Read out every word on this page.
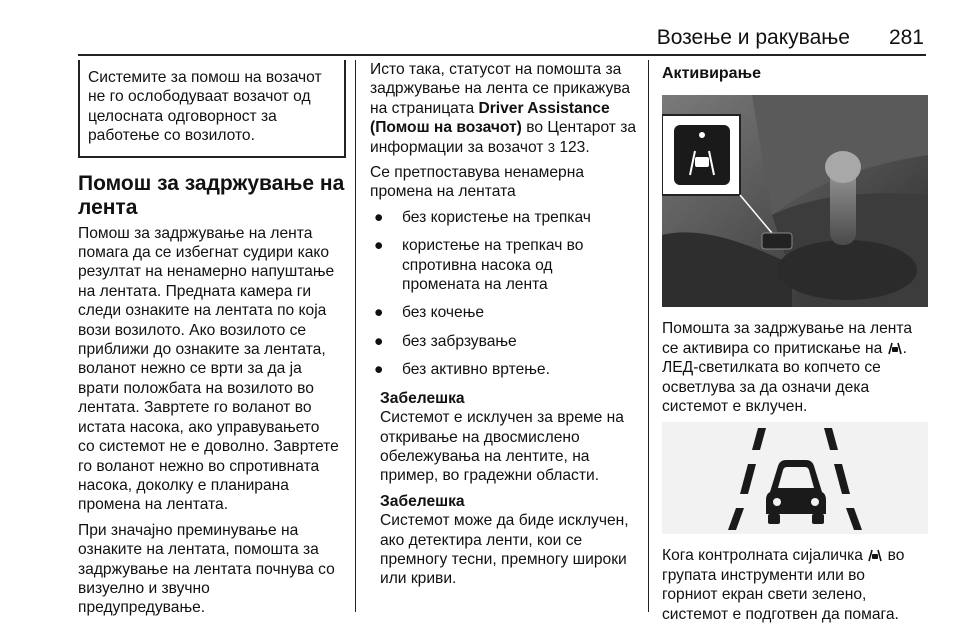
Возење и ракување 281
Системите за помош на возачот
не го ослободуваат возачот од
целосната одговорност за
работење со возилото.
Помош за задржување на лента

Помош за задржување на лента
помага да се избегнат судири како
резултат на ненамерно напуштање
на лентата. Предната камера ги
следи ознаките на лентата по која
вози возилото. Ако возилото се
приближи до ознаките за лентата,
воланот нежно се врти за да ја
врати положбата на возилото во
лентата. Завртете го воланот во
истата насока, ако управувањето
со системот не е доволно. Завртете
го воланот нежно во спротивната
насока, доколку е планирана
промена на лентата.

При значајно преминување на
ознаките на лентата, помошта за
задржување на лентата почнува со
визуелно и звучно
предупредување.

Исто така, статусот на помошта за
задржување на лента се прикажува
на страницата Driver Assistance
(Помош на возачот) во Центарот за
информации за возачот 3 123.

Се претпоставува ненамерна
промена на лентата

● без користење на трепкач
● користење на трепкач во
спротивна насока од
промената на лента
● без кочење
● без забрзување
● без активно вртење.
Забелешка

Системот е исклучен за време на
откривање на двосмислено
обележувања на лентите, на
пример, во градежни области.

Забелешка

Системот може да биде исклучен,
ако детектира ленти, кои се
премногу тесни, премногу широки
или криви.

Активирање

Помошта за задржување на лента
се активира со притискање на .
ЛЕД-светилката во копчето се
осветлува за да означи дека
системот е вклучен.

Кога контролната сијаличка  во
групата инструменти или во
горниот екран свети зелено,
системот е подготвен да помага.
